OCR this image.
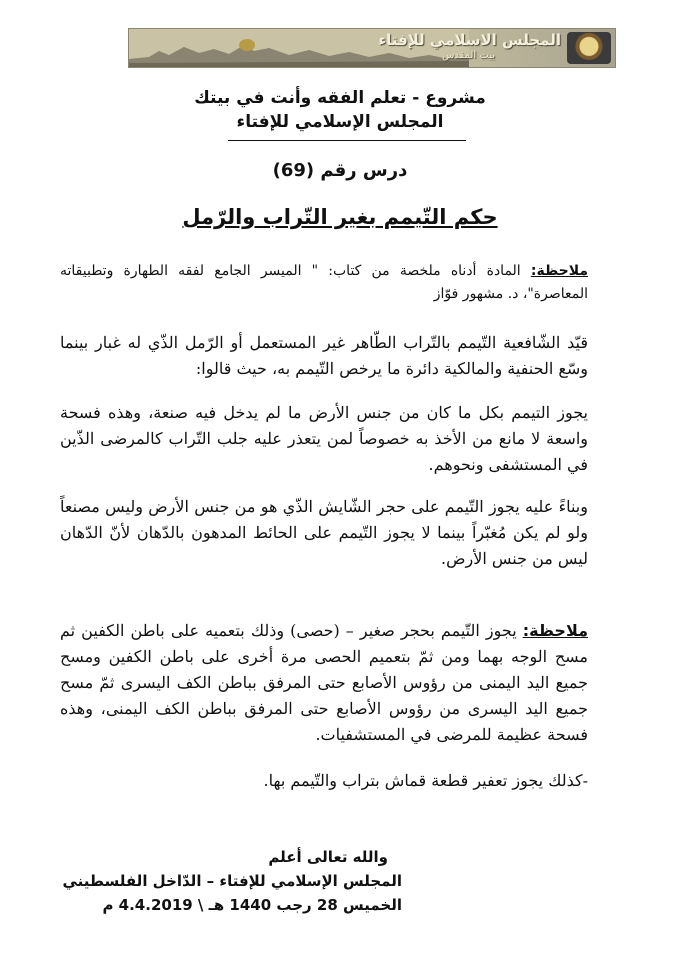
المجلس الاسلامي للإفتاء
بيت المقدس
مشروع - تعلم الفقه وأنت في بيتك
المجلس الإسلامي للإفتاء
درس رقم (69)
حكم التّيمم بغير التّراب والرّمل
ملاحظة: المادة أدناه ملخصة من كتاب: " الميسر الجامع لفقه الطهارة وتطبيقاته المعاصرة"، د. مشهور فوّاز
قيّد الشّافعية التّيمم بالتّراب الطّاهر غير المستعمل أو الرّمل الذّي له غبار بينما وسّع الحنفية والمالكية دائرة ما يرخص التّيمم به، حيث قالوا:
يجوز التيمم بكل ما كان من جنس الأرض ما لم يدخل فيه صنعة، وهذه فسحة واسعة لا مانع من الأخذ به خصوصاً لمن يتعذر عليه جلب التّراب كالمرضى الذّين في المستشفى ونحوهم.
وبناءً عليه يجوز التّيمم على حجر الشّايش الذّي هو من جنس الأرض وليس مصنعاً ولو لم يكن مُغبّراً بينما لا يجوز التّيمم على الحائط المدهون بالدّهان لأنّ الدّهان ليس من جنس الأرض.
ملاحظة: يجوز التّيمم بحجر صغير – (حصى) وذلك بتعميه على باطن الكفين ثم مسح الوجه بهما ومن ثمّ بتعميم الحصى مرة أخرى على باطن الكفين ومسح جميع اليد اليمنى من رؤوس الأصابع حتى المرفق بباطن الكف اليسرى ثمّ مسح جميع اليد اليسرى من رؤوس الأصابع حتى المرفق بباطن الكف اليمنى، وهذه فسحة عظيمة للمرضى في المستشفيات.
-كذلك يجوز تعفير قطعة قماش بتراب والتّيمم بها.
والله تعالى أعلم
المجلس الإسلامي للإفتاء – الدّاخل الفلسطيني
الخميس 28 رجب 1440 هـ \ 4.4.2019 م
